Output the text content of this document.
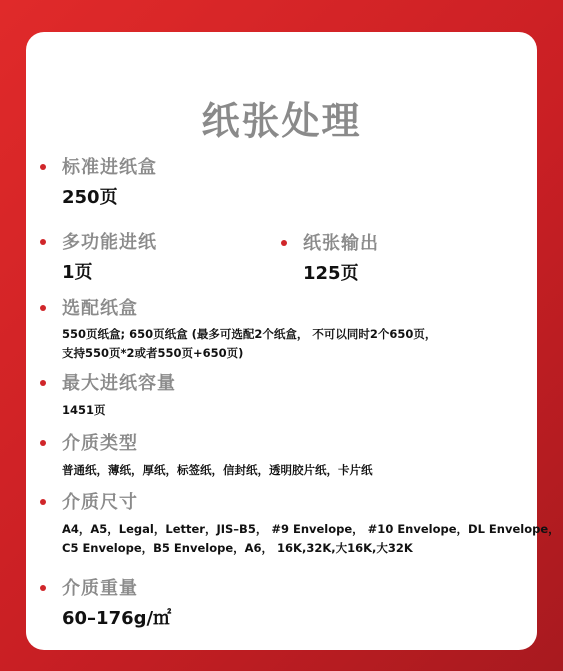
纸张处理
标准进纸盒
250页
多功能进纸
1页
纸张输出
125页
选配纸盒
550页纸盒; 650页纸盒 (最多可选配2个纸盒， 不可以同时2个650页，
支持550页*2或者550页+650页)
最大进纸容量
1451页
介质类型
普通纸，薄纸，厚纸，标签纸，信封纸，透明胶片纸，卡片纸
介质尺寸
A4，A5，Legal，Letter，JIS–B5， #9 Envelope， #10 Envelope，DL Envelope，
C5 Envelope，B5 Envelope，A6， 16K,32K,大16K,大32K
介质重量
60–176g/㎡
